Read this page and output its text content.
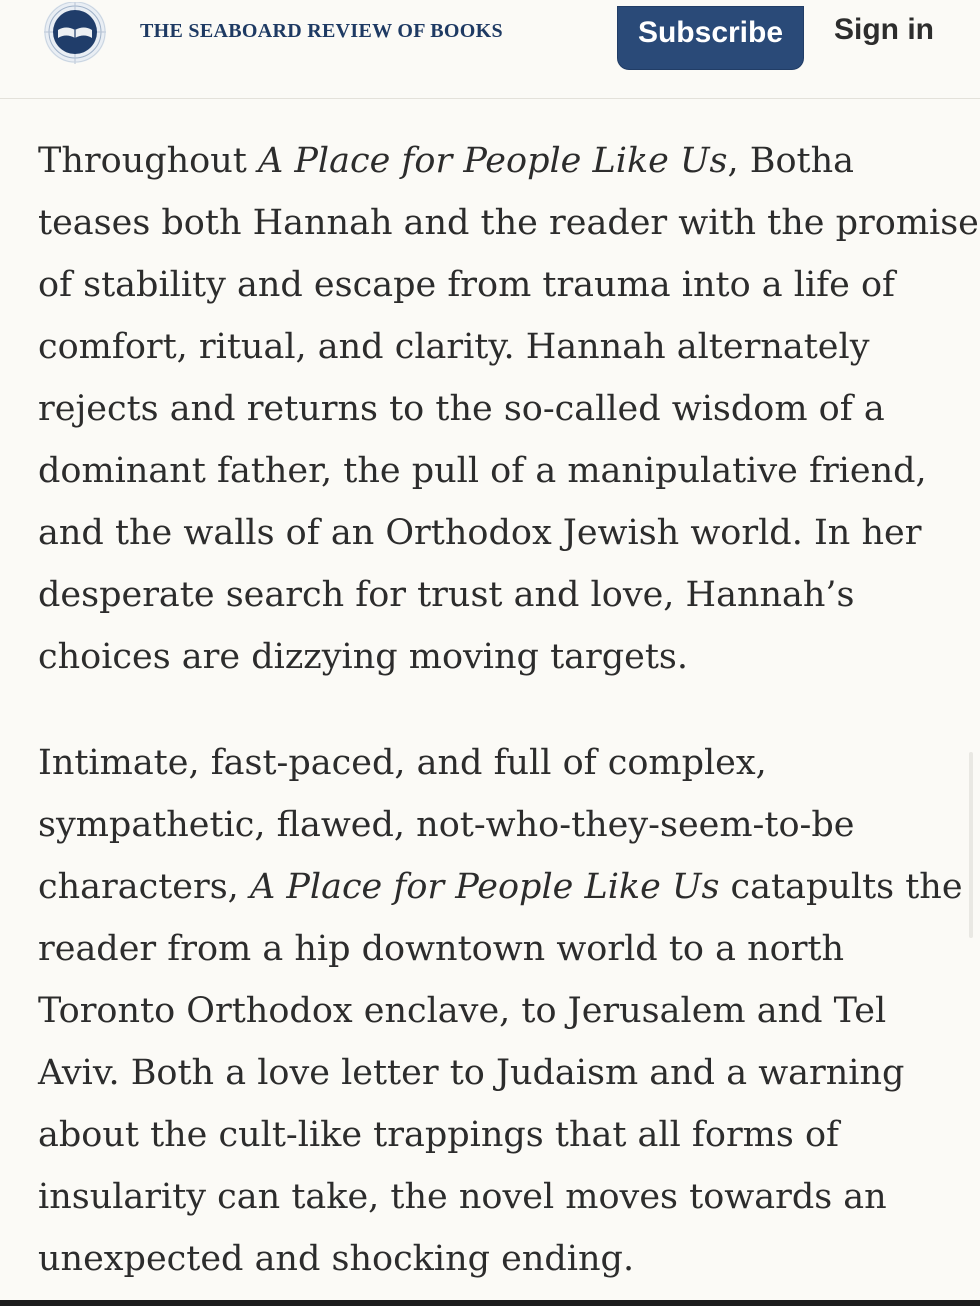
THE SEABOARD REVIEW OF BOOKS	Subscribe	Sign in

Throughout A Place for People Like Us, Botha
teases both Hannah and the reader with the promise
of stability and escape from trauma into a life of
comfort, ritual, and clarity. Hannah alternately
rejects and returns to the so-called wisdom of a
dominant father, the pull of a manipulative friend,
and the walls of an Orthodox Jewish world. In her
desperate search for trust and love, Hannah’s
choices are dizzying moving targets.

Intimate, fast-paced, and full of complex,
sympathetic, flawed, not-who-they-seem-to-be
characters, A Place for People Like Us catapults the
reader from a hip downtown world to a north
Toronto Orthodox enclave, to Jerusalem and Tel
Aviv. Both a love letter to Judaism and a warning
about the cult-like trappings that all forms of
insularity can take, the novel moves towards an
unexpected and shocking ending.
